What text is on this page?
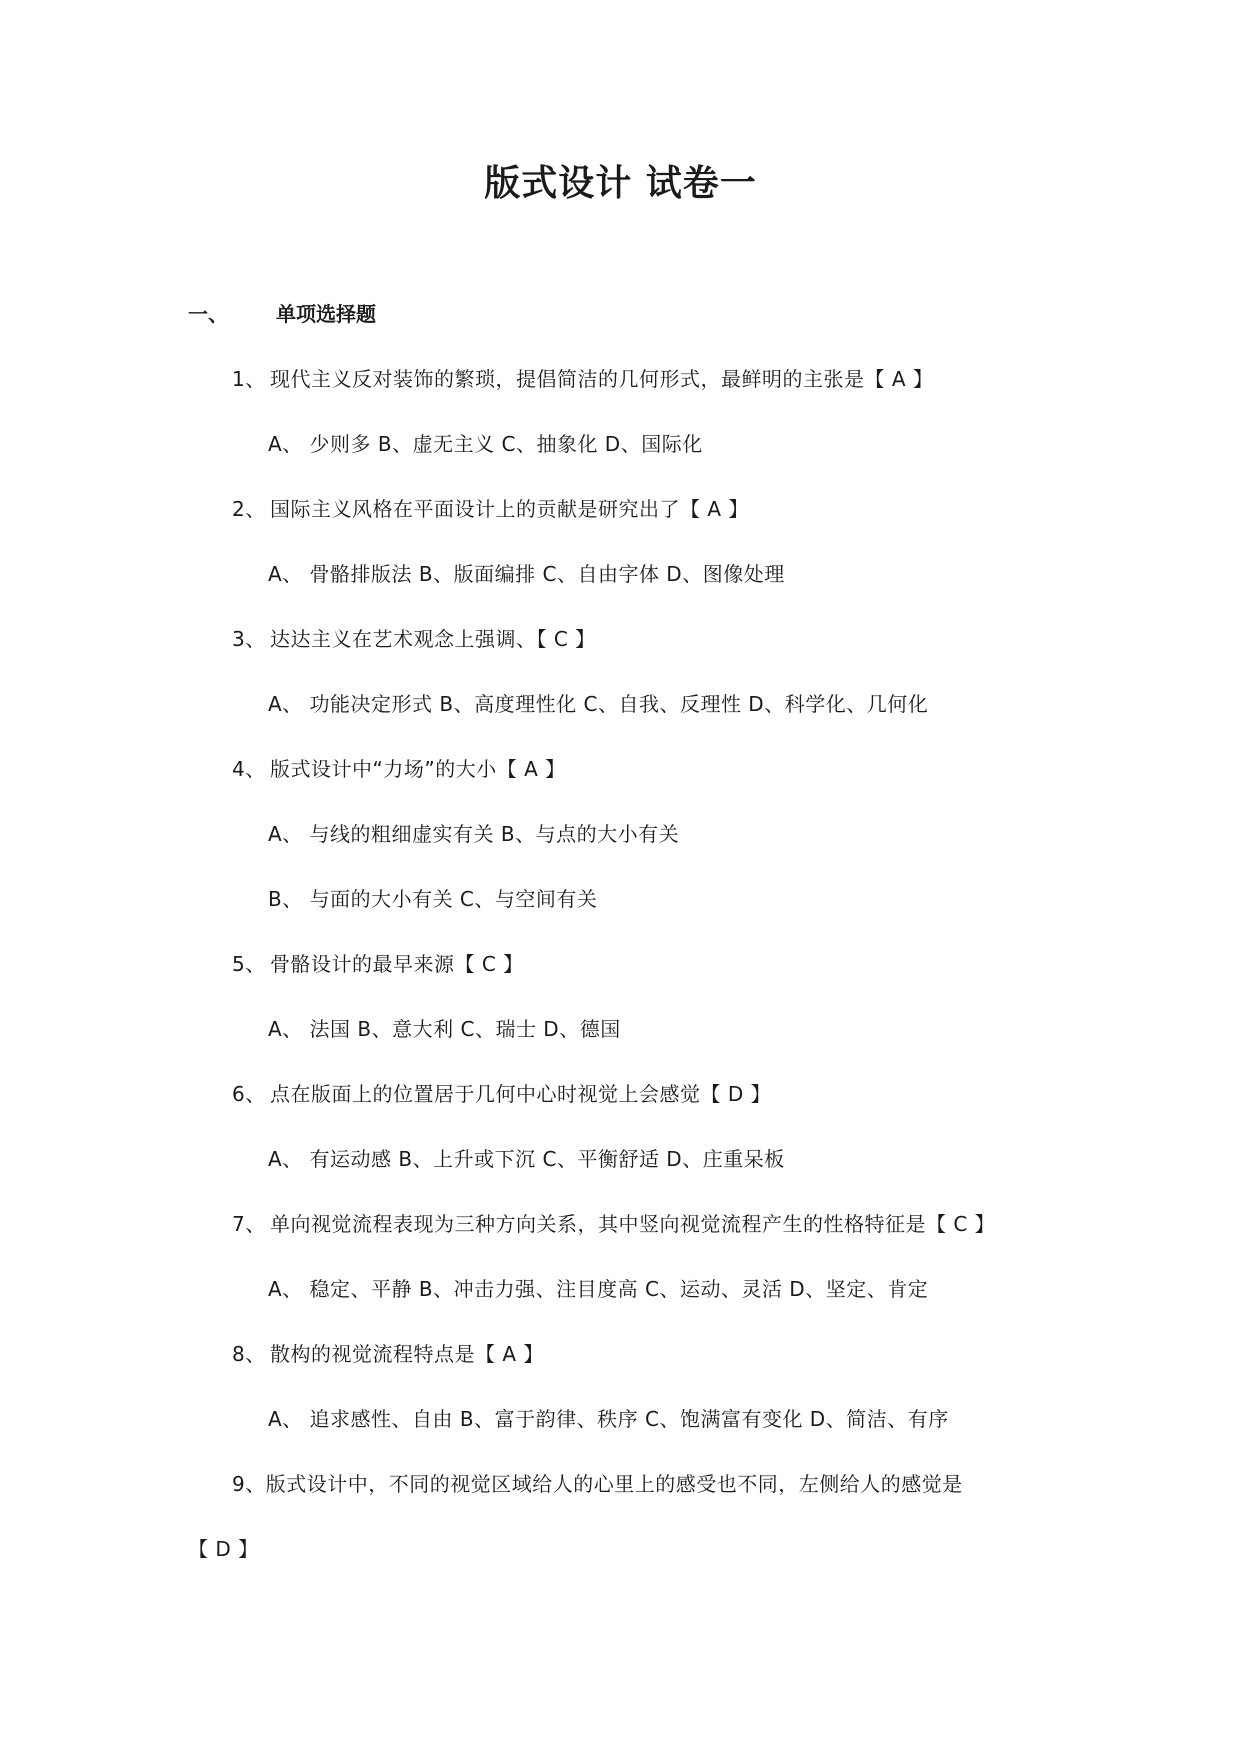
版式设计 试卷一
一、 单项选择题
1、 现代主义反对装饰的繁琐，提倡简洁的几何形式，最鲜明的主张是【 A 】
A、 少则多 B、虚无主义 C、抽象化 D、国际化
2、 国际主义风格在平面设计上的贡献是研究出了【 A 】
A、 骨骼排版法 B、版面编排 C、自由字体 D、图像处理
3、 达达主义在艺术观念上强调、【 C 】
A、 功能决定形式 B、高度理性化 C、自我、反理性 D、科学化、几何化
4、 版式设计中“力场”的大小【 A 】
A、 与线的粗细虚实有关 B、与点的大小有关
B、 与面的大小有关 C、与空间有关
5、 骨骼设计的最早来源【 C 】
A、 法国 B、意大利 C、瑞士 D、德国
6、 点在版面上的位置居于几何中心时视觉上会感觉【 D 】
A、 有运动感 B、上升或下沉 C、平衡舒适 D、庄重呆板
7、 单向视觉流程表现为三种方向关系，其中竖向视觉流程产生的性格特征是【 C 】
A、 稳定、平静 B、冲击力强、注目度高 C、运动、灵活 D、坚定、肯定
8、 散构的视觉流程特点是【 A 】
A、 追求感性、自由 B、富于韵律、秩序 C、饱满富有变化 D、简洁、有序
9、版式设计中，不同的视觉区域给人的心里上的感受也不同，左侧给人的感觉是
【 D 】
